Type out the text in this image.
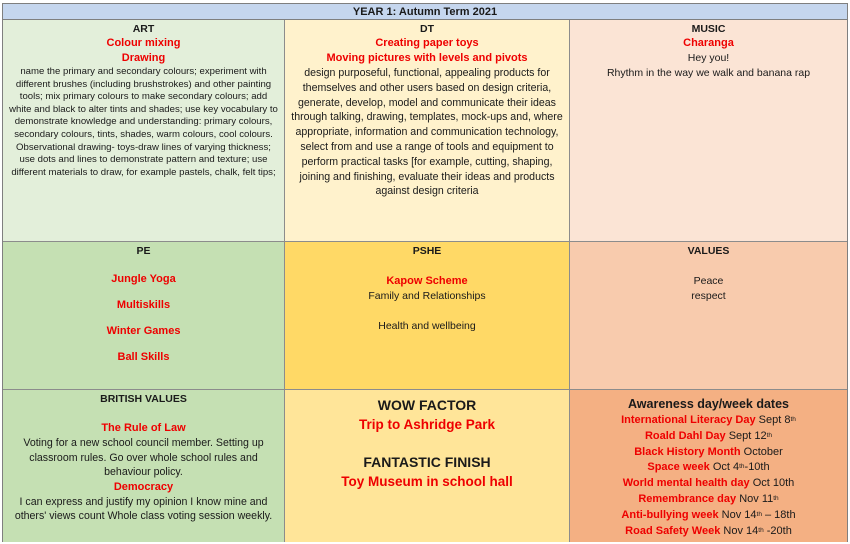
YEAR 1: Autumn Term 2021
ART
Colour mixing
Drawing
name the primary and secondary colours; experiment with different brushes (including brushstrokes) and other painting tools; mix primary colours to make secondary colours; add white and black to alter tints and shades; use key vocabulary to demonstrate knowledge and understanding: primary colours, secondary colours, tints, shades, warm colours, cool colours.
Observational drawing- toys-draw lines of varying thickness; use dots and lines to demonstrate pattern and texture; use different materials to draw, for example pastels, chalk, felt tips;
DT
Creating paper toys
Moving pictures with levels and pivots
design purposeful, functional, appealing products for themselves and other users based on design criteria, generate, develop, model and communicate their ideas through talking, drawing, templates, mock-ups and, where appropriate, information and communication technology, select from and use a range of tools and equipment to perform practical tasks [for example, cutting, shaping, joining and finishing, evaluate their ideas and products against design criteria
MUSIC
Charanga
Hey you!
Rhythm in the way we walk and banana rap
PE
Jungle Yoga
Multiskills
Winter Games
Ball Skills
PSHE
Kapow Scheme
Family and Relationships
Health and wellbeing
VALUES
Peace
respect
BRITISH VALUES
The Rule of Law
Voting for a new school council member. Setting up classroom rules. Go over whole school rules and behaviour policy.
Democracy
I can express and justify my opinion I know mine and others' views count Whole class voting session weekly.
WOW FACTOR
Trip to Ashridge Park
FANTASTIC FINISH
Toy Museum in school hall
Awareness day/week dates
International Literacy Day Sept 8th
Roald Dahl Day Sept 12th
Black History Month October
Space week Oct 4th-10th
World mental health day Oct 10th
Remembrance day Nov 11th
Anti-bullying week Nov 14th – 18th
Road Safety Week Nov 14th -20th
